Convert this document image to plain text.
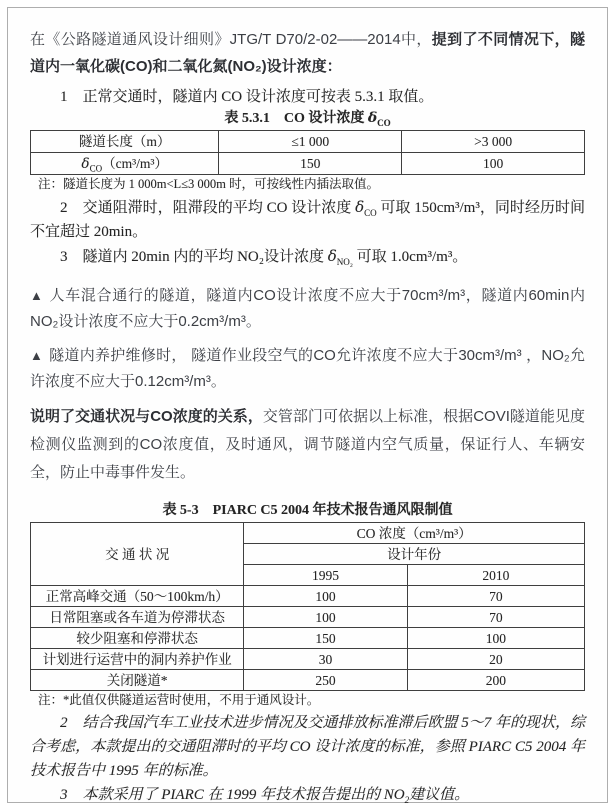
在《公路隧道通风设计细则》JTG/T D70/2-02——2014中，提到了不同情况下，隧道内一氧化碳(CO)和二氧化氮(NO₂)设计浓度：

1　正常交通时，隧道内 CO 设计浓度可按表 5.3.1 取值。

表 5.3.1　CO 设计浓度 $\delta_{CO}$

隧道长度（m）	≤1 000	>3 000
$\delta_{CO}(cm^3/m^3)$	150	100

注：隧道长度为 1 000m<L≤3 000m 时，可按线性内插法取值。

2　交通阻滞时，阻滞段的平均 CO 设计浓度 $\delta_{CO}$ 可取 150cm³/m³，同时经历时间不宜超过 20min。

3　隧道内 20min 内的平均 NO₂设计浓度 $\delta_{NO_2}$ 可取 1.0cm³/m³。

▲ 人车混合通行的隧道，隧道内CO设计浓度不应大于70cm³/m³，隧道内60min内NO₂设计浓度不应大于0.2cm³/m³。

▲ 隧道内养护维修时， 隧道作业段空气的CO允许浓度不应大于30cm³/m³ ，NO₂允许浓度不应大于0.12cm³/m³。

说明了交通状况与CO浓度的关系，交管部门可依据以上标准，根据COVI隧道能见度检测仪监测到的CO浓度值，及时通风，调节隧道内空气质量，保证行人、车辆安全，防止中毒事件发生。

表 5-3　PIARC C5 2004 年技术报告通风限制值

交 通 状 况	CO 浓度（cm³/m³）	
	设计年份	
	1995	2010
正常高峰交通（50～100km/h）	100	70
日常阻塞或各车道为停滞状态	100	70
较少阻塞和停滞状态	150	100
计划进行运营中的洞内养护作业	30	20
关闭隧道*	250	200

注：*此值仅供隧道运营时使用，不用于通风设计。

2　结合我国汽车工业技术进步情况及交通排放标准滞后欧盟 5～7 年的现状，综合考虑，本款提出的交通阻滞时的平均 CO 设计浓度的标准，参照 PIARC C5 2004 年技术报告中 1995 年的标准。

3　本款采用了 PIARC 在 1999 年技术报告提出的 $NO_2$建议值。
